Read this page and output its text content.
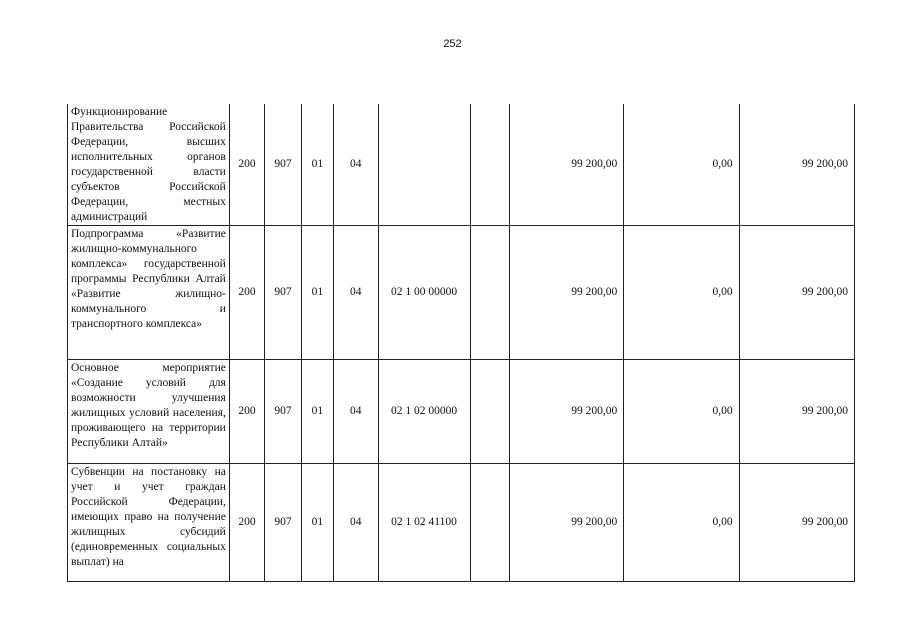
252
Функционирование Правительства Российской Федерации, высших исполнительных органов государственной власти субъектов Российской Федерации, местных администраций	200	907	01	04			99 200,00	0,00	99 200,00
Подпрограмма «Развитие жилищно-коммунального комплекса» государственной программы Республики Алтай «Развитие жилищно-коммунального и транспортного комплекса»	200	907	01	04	02 1 00 00000		99 200,00	0,00	99 200,00
Основное мероприятие «Создание условий для возможности улучшения жилищных условий населения, проживающего на территории Республики Алтай»	200	907	01	04	02 1 02 00000		99 200,00	0,00	99 200,00
Субвенции на постановку на учет и учет граждан Российской Федерации, имеющих право на получение жилищных субсидий (единовременных социальных выплат) на	200	907	01	04	02 1 02 41100		99 200,00	0,00	99 200,00
